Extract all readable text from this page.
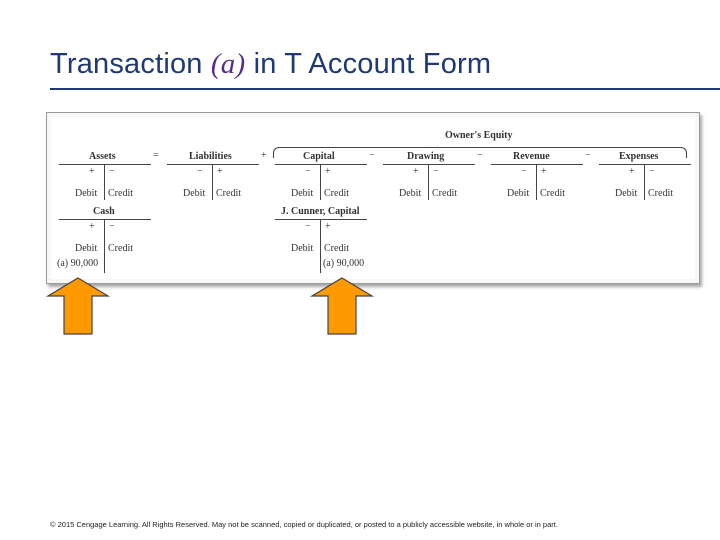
Transaction (a) in T Account Form
Owner's Equity
=	+	−	−	−
Assets
+ −
Debit Credit
Liabilities
− +
Debit Credit
Capital
− +
Debit Credit
Drawing
+ −
Debit Credit
Revenue
− +
Debit Credit
Expenses
+ −
Debit Credit
Cash
+ −
Debit Credit
(a) 90,000
J. Cunner, Capital
− +
Debit Credit
(a) 90,000
© 2015 Cengage Learning. All Rights Reserved. May not be scanned, copied or duplicated, or posted to a publicly accessible website, in whole or in part.
